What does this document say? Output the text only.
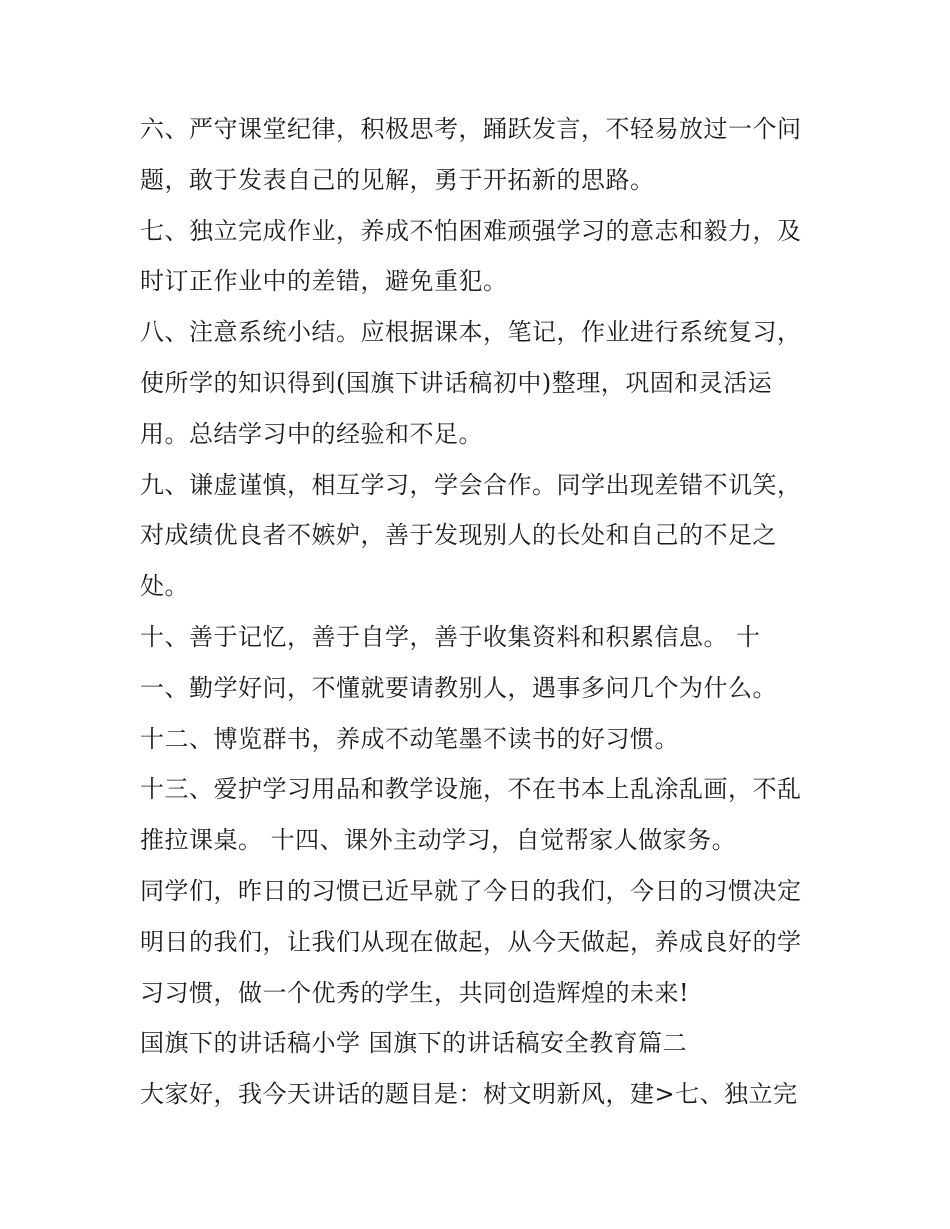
六、严守课堂纪律，积极思考，踊跃发言，不轻易放过一个问
题，敢于发表自己的见解，勇于开拓新的思路。
七、独立完成作业，养成不怕困难顽强学习的意志和毅力，及
时订正作业中的差错，避免重犯。
八、注意系统小结。应根据课本，笔记，作业进行系统复习，
使所学的知识得到(国旗下讲话稿初中)整理，巩固和灵活运
用。总结学习中的经验和不足。
九、谦虚谨慎，相互学习，学会合作。同学出现差错不讥笑，
对成绩优良者不嫉妒，善于发现别人的长处和自己的不足之
处。
十、善于记忆，善于自学，善于收集资料和积累信息。 十
一、勤学好问，不懂就要请教别人，遇事多问几个为什么。
十二、博览群书，养成不动笔墨不读书的好习惯。
十三、爱护学习用品和教学设施，不在书本上乱涂乱画，不乱
推拉课桌。 十四、课外主动学习，自觉帮家人做家务。
同学们，昨日的习惯已近早就了今日的我们，今日的习惯决定
明日的我们，让我们从现在做起，从今天做起，养成良好的学
习习惯，做一个优秀的学生，共同创造辉煌的未来!
国旗下的讲话稿小学 国旗下的讲话稿安全教育篇二
大家好，我今天讲话的题目是：树文明新风，建>七、独立完
